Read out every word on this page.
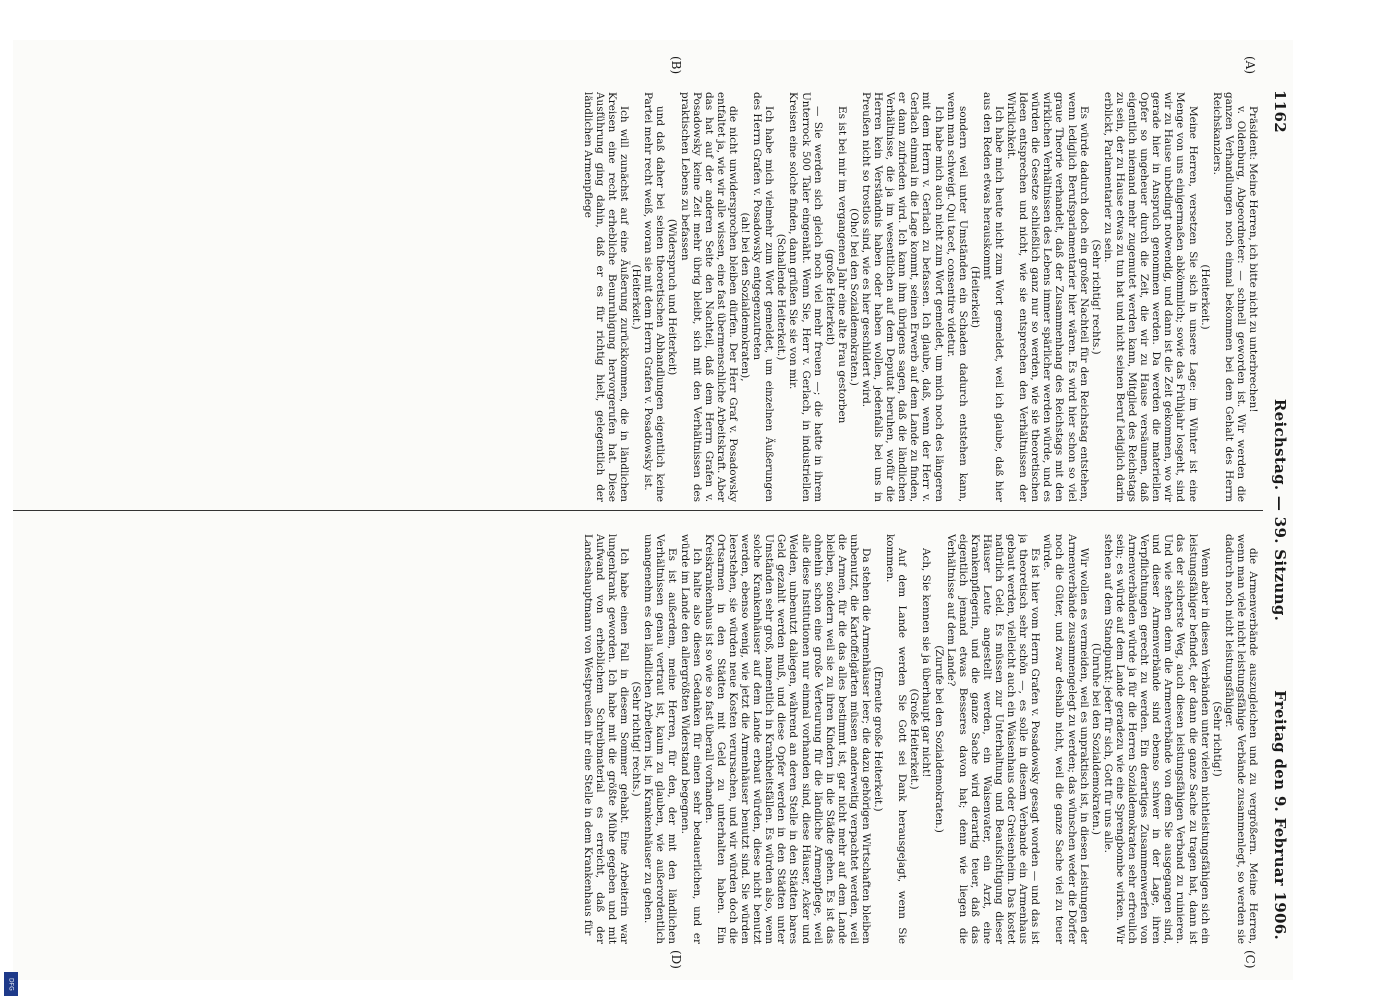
1162
Reichstag. — 39. Sitzung.
Freitag den 9. Februar 1906.
(A)
(B)
(C)
(D)

Präsident: Meine Herren, ich bitte nicht zu unterbrechen!

v. Oldenburg, Abgeordneter: — schnell geworden ist. Wir werden die ganzen Verhandlungen noch einmal bekommen bei dem Gehalt des Herrn Reichskanzlers.

(Heiterkeit.)

Meine Herren, versetzen Sie sich in unsere Lage: im Winter ist eine Menge von uns einigermaßen abkömmlich; sowie das Frühjahr losgeht, sind wir zu Hause unbedingt notwendig, und dann ist die Zeit gekommen, wo wir gerade hier in Anspruch genommen werden. Da werden die materiellen Opfer so ungeheuer durch die Zeit, die wir zu Hause versäumen, daß eigentlich niemand mehr zugemutet werden kann, Mitglied des Reichstags zu sein, der zu Hause etwas zu tun hat und nicht seinen Beruf lediglich darin erblickt, Parlamentarier zu sein.

(Sehr richtig! rechts.)

Es würde dadurch doch ein großer Nachteil für den Reichstag entstehen, wenn lediglich Berufsparlamentarier hier wären. Es wird hier schon so viel graue Theorie verhandelt, daß der Zusammenhang des Reichstags mit den wirklichen Verhältnissen des Lebens immer spärlicher werden würde, und es würden die Gesetze schließlich ganz nur so werden, wie sie theoretischen Ideen entsprechen und nicht, wie sie entsprechen den Verhältnissen der Wirklichkeit.

Ich habe mich heute nicht zum Wort gemeldet, weil ich glaube, daß hier aus den Reden etwas herauskommt

(Heiterkeit)

sondern weil unter Umständen ein Schaden dadurch entstehen kann, wenn man schweigt. Qui tacet, consentire videtur.

Ich habe mich auch nicht zum Wort gemeldet, um mich noch des längeren mit dem Herrn v. Gerlach zu befassen. Ich glaube, daß, wenn der Herr v. Gerlach einmal in die Lage kommt, seinen Erwerb auf dem Lande zu finden, er dann zufrieden wird. Ich kann ihm übrigens sagen, daß die ländlichen Verhältnisse, die ja im wesentlichen auf dem Deputat beruhen, wofür die Herren kein Verständnis haben oder haben wollen, jedenfalls bei uns in Preußen nicht so trostlos sind, wie es hier geschildert wird.

(Oho! bei den Sozialdemokraten.)

Es ist bei mir im vergangenen Jahr eine alte Frau gestorben

(große Heiterkeit)

— Sie werden sich gleich noch viel mehr freuen —; die hatte in ihrem Unterrock 500 Taler eingenäht. Wenn Sie, Herr v. Gerlach, in industriellen Kreisen eine solche finden, dann grüßen Sie sie von mir.

(Schallende Heiterkeit.)

Ich habe mich vielmehr zum Wort gemeldet, um einzelnen Äußerungen des Herrn Grafen v. Posadowsky entgegenzutreten

(ah! bei den Sozialdemokraten),

die nicht unwidersprochen bleiben dürfen. Der Herr Graf v. Posadowsky entfaltet ja, wie wir alle wissen, eine fast übermenschliche Arbeitskraft. Aber das hat auf der anderen Seite den Nachteil, daß dem Herrn Grafen v. Posadowsky keine Zeit mehr übrig bleibt, sich mit den Verhältnissen des praktischen Lebens zu befassen

(Widerspruch und Heiterkeit)

und daß daher bei seinen theoretischen Abhandlungen eigentlich keine Partei mehr recht weiß, woran sie mit dem Herrn Grafen v. Posadowsky ist.

(Heiterkeit.)

Ich will zunächst auf eine Äußerung zurückkommen, die in ländlichen Kreisen eine recht erhebliche Beunruhigung hervorgerufen hat. Diese Ausführung ging dahin, daß er es für richtig hielt, gelegentlich der ländlichen Armenpflege

die Armenverbände auszugleichen und zu vergrößern. Meine Herren, wenn man viele nicht leistungsfähige Verbände zusammenlegt, so werden sie dadurch noch nicht leistungsfähiger.

(Sehr richtig!)

Wenn aber in diesen Verbänden unter vielen nichtleistungsfähigen sich ein leistungsfähiger befindet, der dann die ganze Sache zu tragen hat, dann ist das der sicherste Weg, auch diesen leistungsfähigen Verband zu ruinieren. Und wie stehen denn die Armenverbände von dem Sie ausgegangen sind, und dieser Armenverbände sind ebenso schwer in der Lage, ihren Verpflichtungen gerecht zu werden. Ein derartiges Zusammenwerfen von Armenverbänden würde ja für die Herren Sozialdemokraten sehr erfreulich sein; es würde auf dem Lande geradezu wie eine Sprengbombe wirken. Wir stehen auf dem Standpunkt: jeder für sich, Gott für uns alle.

(Unruhe bei den Sozialdemokraten.)

Wir wollen es vermeiden, weil es unpraktisch ist, in diesen Leistungen der Armenverbände zusammengelegt zu werden; das wünschen weder die Dörfer noch die Güter, und zwar deshalb nicht, weil die ganze Sache viel zu teuer würde.

Es ist hier vom Herrn Grafen v. Posadowsky gesagt worden — und das ist ja theoretisch sehr schön —, es solle in diesem Verbande ein Armenhaus gebaut werden, vielleicht auch ein Waisenhaus oder Greisenheim. Das kostet natürlich Geld. Es müssen zur Unterhaltung und Beaufsichtigung dieser Häuser Leute angestellt werden, ein Waisenvater, ein Arzt, eine Krankenpflegerin, und die ganze Sache wird derartig teuer, daß das eigentlich jemand etwas Besseres davon hat; denn wie liegen die Verhältnisse auf dem Lande?

(Zurufe bei den Sozialdemokraten.)

Ach, Sie kennen sie ja überhaupt gar nicht!

(Große Heiterkeit.)

Auf dem Lande werden Sie Gott sei Dank herausgejagt, wenn Sie kommen.

(Erneute große Heiterkeit.)

Da stehen die Armenhäuser leer; die dazu gehörigen Wirtschaften bleiben unbenutzt, die Kartoffelgärten müssen anderweitig verpachtet werden, weil die Armen, für die das alles bestimmt ist, gar nicht mehr auf dem Lande bleiben, sondern weil sie zu ihren Kindern in die Städte gehen. Es ist das ohnehin schon eine große Verteurung für die ländliche Armenpflege, weil alle diese Institutionen nur einmal vorhanden sind, diese Häuser, Acker und Weiden, unbenutzt daliegen, während an deren Stelle in den Städten bares Geld gezahlt werden muß, und diese Opfer werden in den Städten unter Umständen sehr groß, namentlich in Krankheitsfällen. Es würden also, wenn solche Krankenhäuser auf dem Lande erbaut würden, diese nicht benutzt werden, ebenso wenig, wie jetzt die Armenhäuser benutzt sind. Sie würden leerstehen, sie würden neue Kosten verursachen, und wir würden doch die Ortsarmen in den Städten mit Geld zu unterhalten haben. Ein Kreiskrankenhaus ist so wie so fast überall vorhanden.

Ich halte also diesen Gedanken für einen sehr bedauerlichen, und er würde im Lande den allergrößten Widerstand begegnen.

Es ist außerdem, meine Herren, für den, der mit den ländlichen Verhältnissen genau vertraut ist, kaum zu glauben, wie außerordentlich unangenehm es den ländlichen Arbeitern ist, in Krankenhäuser zu gehen.

(Sehr richtig! rechts.)

Ich habe einen Fall in diesem Sommer gehabt. Eine Arbeiterin war lungenkrank geworden. Ich habe mit die größte Mühe gegeben und mit Aufwand von erheblichem Schreibmaterial es erreicht, daß der Landeshauptmann von Westpreußen ihr eine Stelle in dem Krankenhaus für

DFG
